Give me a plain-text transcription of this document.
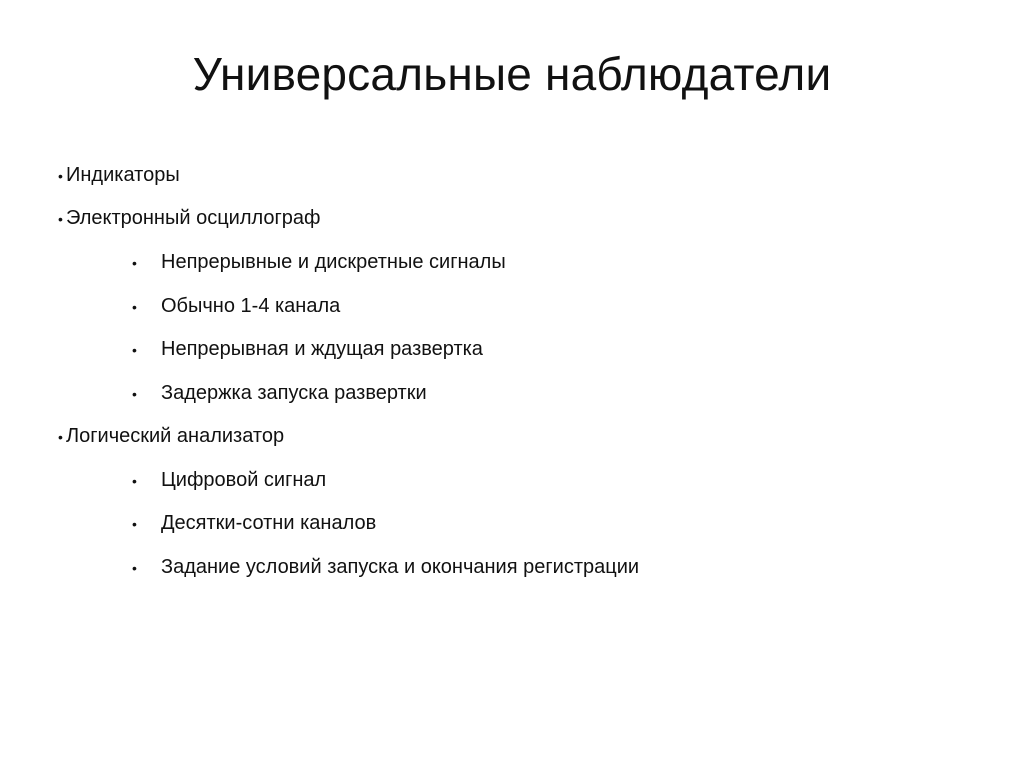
Универсальные наблюдатели
• Индикаторы
• Электронный осциллограф
• Непрерывные и дискретные сигналы
• Обычно 1-4 канала
• Непрерывная и ждущая развертка
• Задержка запуска развертки
• Логический анализатор
• Цифровой сигнал
• Десятки-сотни каналов
• Задание условий запуска и окончания регистрации
